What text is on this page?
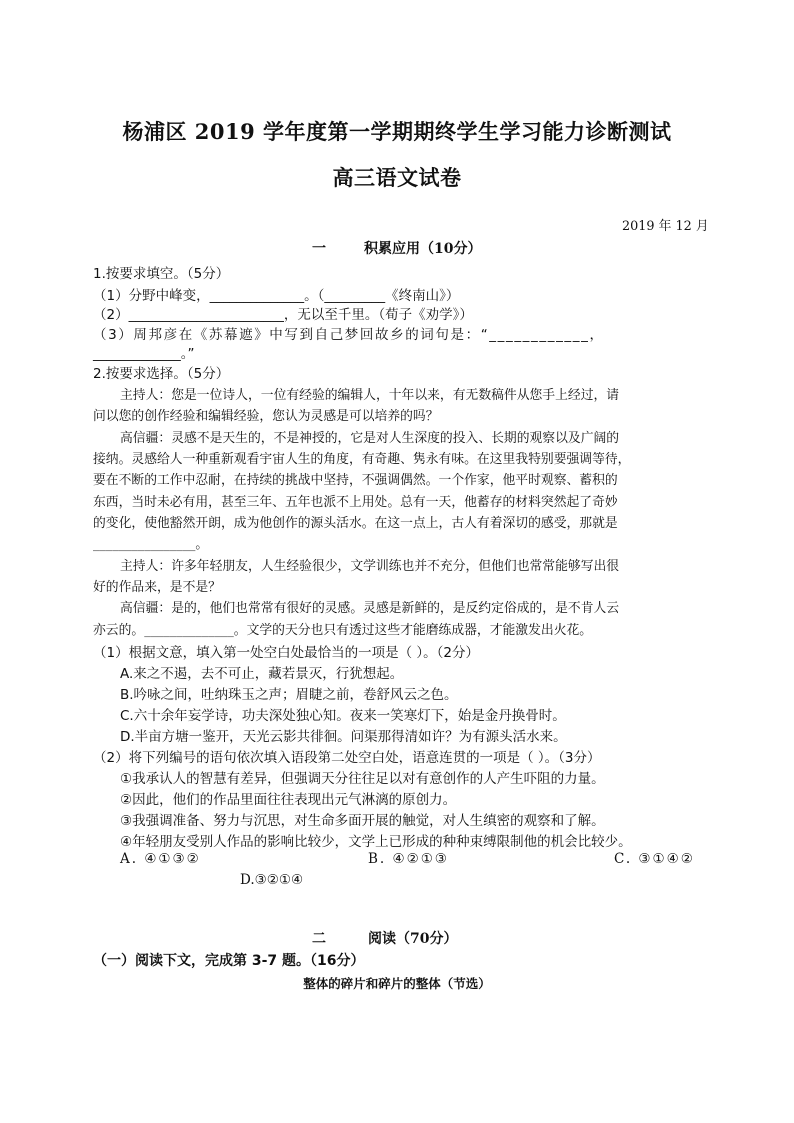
杨浦区 2019 学年度第一学期期终学生学习能力诊断测试
高三语文试卷
2019 年 12 月
一	积累应用（10分）
1.按要求填空。（5分）
（1）分野中峰变，______________。（_________《终南山》）
（2）_______________________，无以至千里。（荀子《劝学》）
（3）周邦彦在《苏幕遮》中写到自己梦回故乡的词句是：“____________，
_____________。”
2.按要求选择。（5分）
主持人：您是一位诗人，一位有经验的编辑人，十年以来，有无数稿件从您手上经过，请
问以您的创作经验和编辑经验，您认为灵感是可以培养的吗？
高信疆：灵感不是天生的，不是神授的，它是对人生深度的投入、长期的观察以及广阔的
接纳。灵感给人一种重新观看宇宙人生的角度，有奇趣、隽永有味。在这里我特别要强调等待，
要在不断的工作中忍耐，在持续的挑战中坚持，不强调偶然。一个作家，他平时观察、蓄积的
东西，当时未必有用，甚至三年、五年也派不上用处。总有一天，他蓄存的材料突然起了奇妙
的变化，使他豁然开朗，成为他创作的源头活水。在这一点上，古人有着深切的感受，那就是
________________。
主持人：许多年轻朋友，人生经验很少，文学训练也并不充分，但他们也常常能够写出很
好的作品来，是不是？
高信疆：是的，他们也常常有很好的灵感。灵感是新鲜的，是反约定俗成的，是不肯人云
亦云的。______________。文学的天分也只有透过这些才能磨练成器，才能激发出火花。
（1）根据文意，填入第一处空白处最恰当的一项是（ ）。（2分）
A.来之不遏，去不可止，藏若景灭，行犹想起。
B.吟咏之间，吐纳珠玉之声；眉睫之前，卷舒风云之色。
C.六十余年妄学诗，功夫深处独心知。夜来一笑寒灯下，始是金丹换骨时。
D.半亩方塘一鉴开，天光云影共徘徊。问渠那得清如许？为有源头活水来。
（2）将下列编号的语句依次填入语段第二处空白处，语意连贯的一项是（ ）。（3分）
①我承认人的智慧有差异，但强调天分往往足以对有意创作的人产生吓阻的力量。
②因此，他们的作品里面往往表现出元气淋漓的原创力。
③我强调准备、努力与沉思，对生命多面开展的触觉，对人生缜密的观察和了解。
④年轻朋友受别人作品的影响比较少，文学上已形成的种种束缚限制他的机会比较少。
A. ④①③②	B. ④②①③	C. ③①④②
D.③②①④
二	阅读（70分）
（一）阅读下文，完成第 3-7 题。（16分）
整体的碎片和碎片的整体（节选）
